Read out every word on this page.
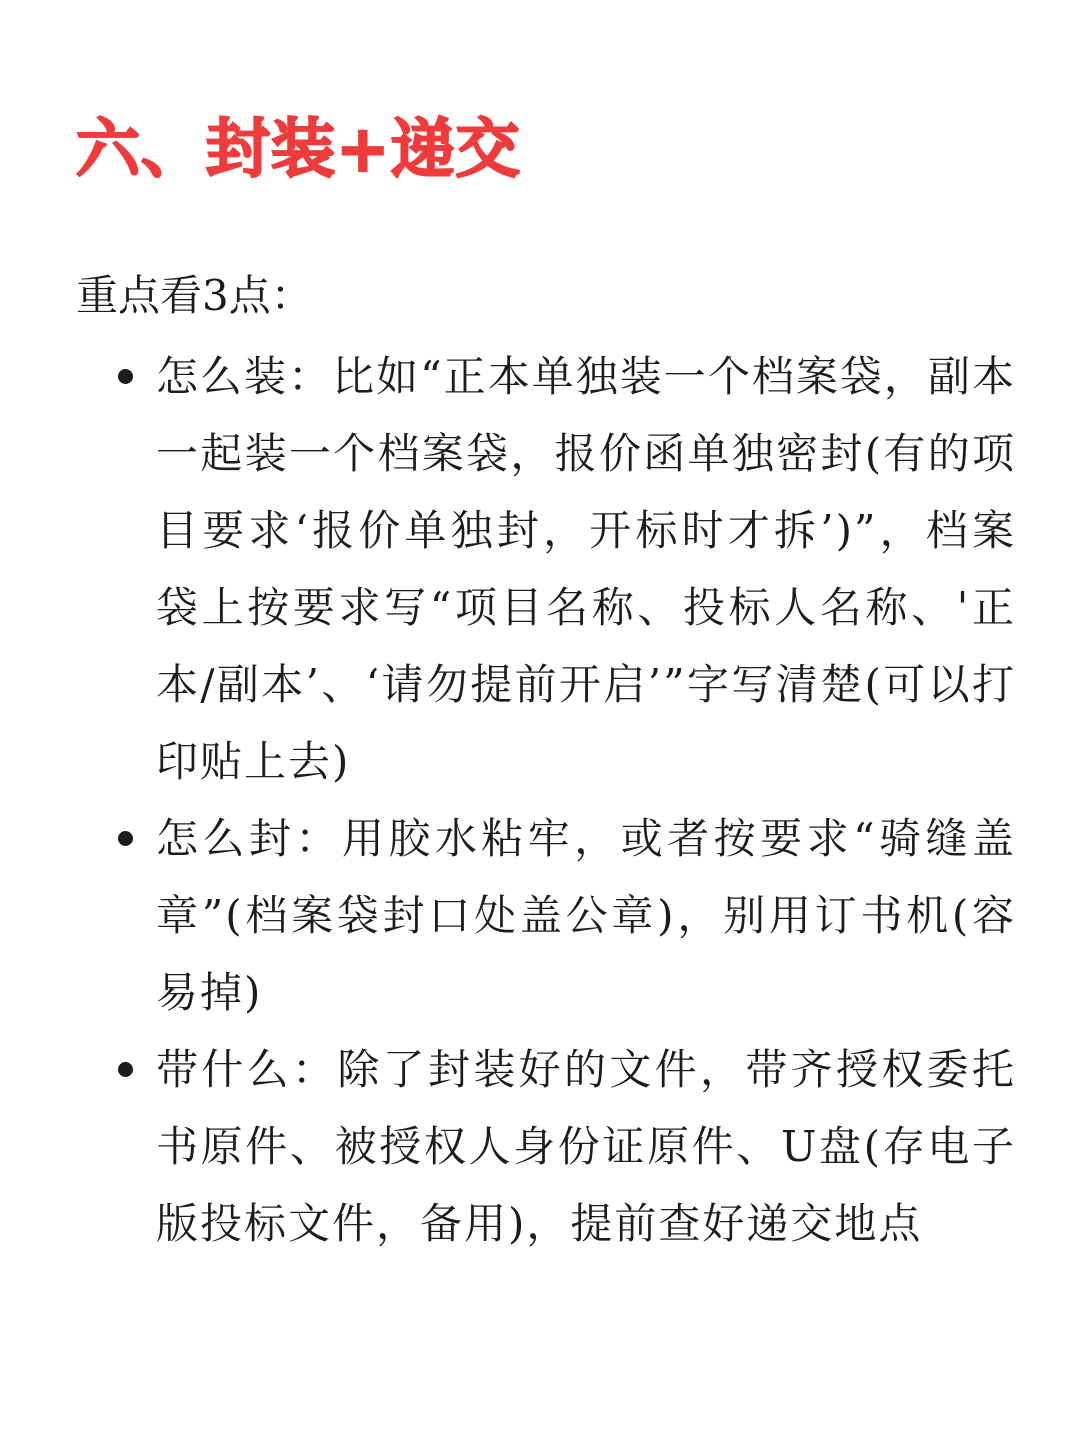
六、封装+递交

重点看3点：

怎么装：比如“正本单独装一个档案袋，副本一起装一个档案袋，报价函单独密封(有的项目要求‘报价单独封，开标时才拆’)”，档案袋上按要求写“项目名称、投标人名称、'正本/副本’、‘请勿提前开启’”字写清楚(可以打印贴上去)
怎么封：用胶水粘牢，或者按要求“骑缝盖章”(档案袋封口处盖公章)，别用订书机(容易掉)
带什么：除了封装好的文件，带齐授权委托书原件、被授权人身份证原件、U盘(存电子版投标文件，备用)，提前查好递交地点
